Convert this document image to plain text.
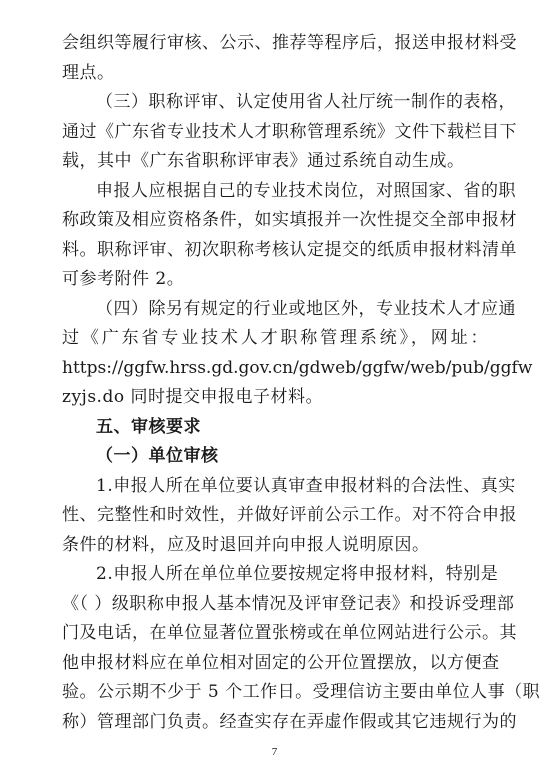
会组织等履行审核、公示、推荐等程序后，报送申报材料受
理点。
（三）职称评审、认定使用省人社厅统一制作的表格，
通过《广东省专业技术人才职称管理系统》文件下载栏目下
载，其中《广东省职称评审表》通过系统自动生成。
申报人应根据自己的专业技术岗位，对照国家、省的职
称政策及相应资格条件，如实填报并一次性提交全部申报材
料。职称评审、初次职称考核认定提交的纸质申报材料清单
可参考附件 2。
（四）除另有规定的行业或地区外，专业技术人才应通
过《广东省专业技术人才职称管理系统》，网址：
https://ggfw.hrss.gd.gov.cn/gdweb/ggfw/web/pub/ggfw
zyjs.do 同时提交申报电子材料。
五、审核要求
（一）单位审核
1.申报人所在单位要认真审查申报材料的合法性、真实
性、完整性和时效性，并做好评前公示工作。对不符合申报
条件的材料，应及时退回并向申报人说明原因。
2.申报人所在单位单位要按规定将申报材料，特别是
《（ ）级职称申报人基本情况及评审登记表》和投诉受理部
门及电话，在单位显著位置张榜或在单位网站进行公示。其
他申报材料应在单位相对固定的公开位置摆放，以方便查
验。公示期不少于 5 个工作日。受理信访主要由单位人事（职
称）管理部门负责。经查实存在弄虚作假或其它违规行为的
7
